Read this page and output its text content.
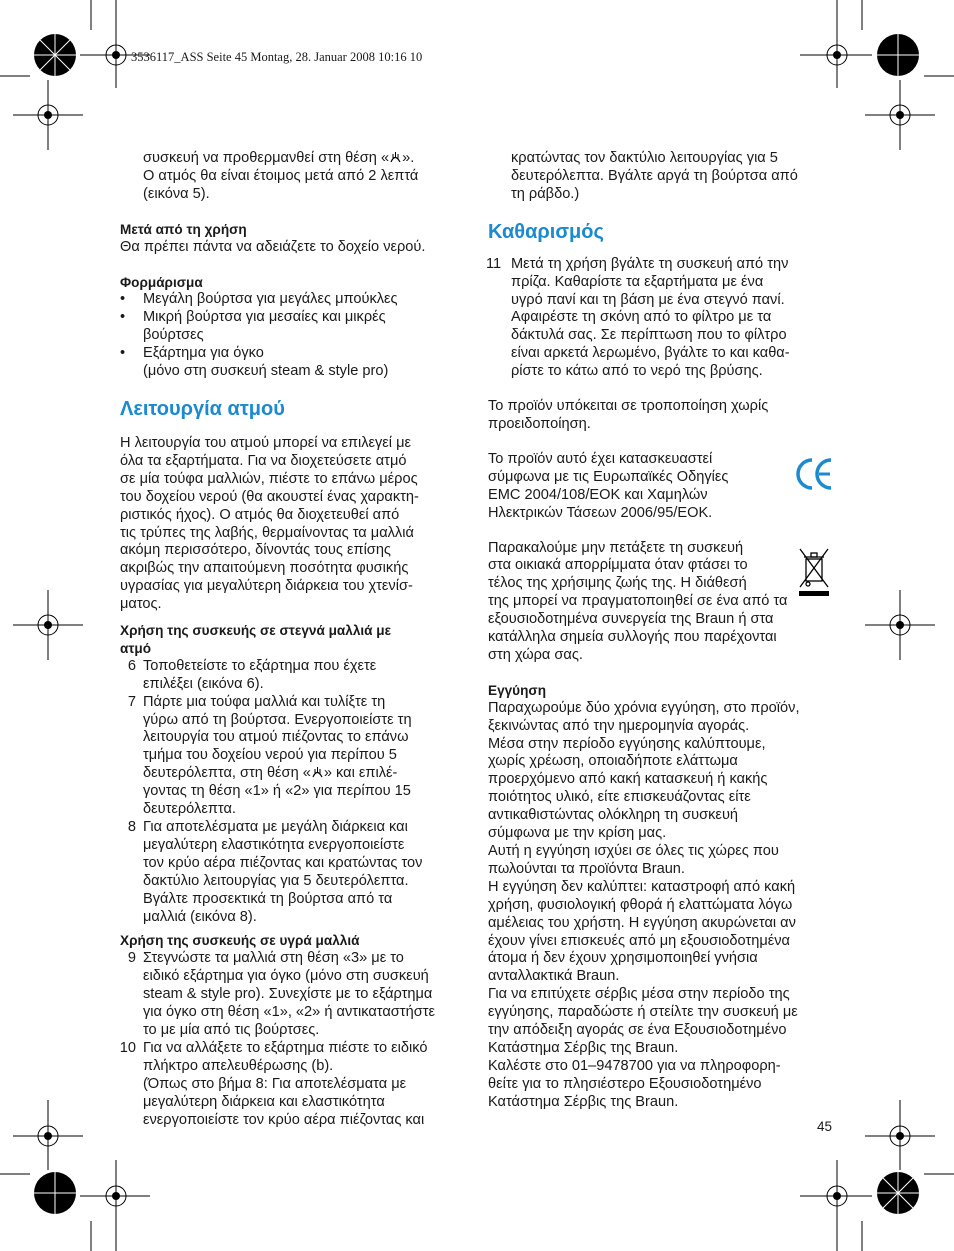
3536117_ASS Seite 45 Montag, 28. Januar 2008 10:16 10
συσκευή να προθερμανθεί στη θέση « ».
Ο ατμός θα είναι έτοιμος μετά από 2 λεπτά
(εικόνα 5).

Μετά από τη χρήση

Θα πρέπει πάντα να αδειάζετε το δοχείο νερού.

Φορμάρισμα

•	Μεγάλη βούρτσα για μεγάλες μπούκλες
•	Μικρή βούρτσα για μεσαίες και μικρές
βούρτσες
•	Εξάρτημα για όγκο
(μόνο στη συσκευή steam & style pro)
Λειτουργία ατμού
Η λειτουργία του ατμού μπορεί να επιλεγεί με
όλα τα εξαρτήματα. Για να διοχετεύσετε ατμό
σε μία τούφα μαλλιών, πιέστε το επάνω μέρος
του δοχείου νερού (θα ακουστεί ένας χαρακτη-
ριστικός ήχος). Ο ατμός θα διοχετευθεί από
τις τρύπες της λαβής, θερμαίνοντας τα μαλλιά
ακόμη περισσότερο, δίνοντάς τους επίσης
ακριβώς την απαιτούμενη ποσότητα φυσικής
υγρασίας για μεγαλύτερη διάρκεια του χτενίσ-
ματος.
Χρήση της συσκευής σε στεγνά μαλλιά με
ατμό
6 Τοποθετείστε το εξάρτημα που έχετε
επιλέξει (εικόνα 6).
7 Πάρτε μια τούφα μαλλιά και τυλίξτε τη
γύρω από τη βούρτσα. Ενεργοποιείστε τη
λειτουργία του ατμού πιέζοντας το επάνω
τμήμα του δοχείου νερού για περίπου 5
δευτερόλεπτα, στη θέση « » και επιλέ-
γοντας τη θέση «1» ή «2» για περίπου 15
δευτερόλεπτα.
8 Για αποτελέσματα με μεγάλη διάρκεια και
μεγαλύτερη ελαστικότητα ενεργοποιείστε
τον κρύο αέρα πιέζοντας και κρατώντας τον
δακτύλιο λειτουργίας για 5 δευτερόλεπτα.
Βγάλτε προσεκτικά τη βούρτσα από τα
μαλλιά (εικόνα 8).

Χρήση της συσκευής σε υγρά μαλλιά

9 Στεγνώστε τα μαλλιά στη θέση «3» με το
ειδικό εξάρτημα για όγκο (μόνο στη συσκευή
steam & style pro). Συνεχίστε με το εξάρτημα
για όγκο στη θέση «1», «2» ή αντικαταστήστε
το με μία από τις βούρτσες.
10 Για να αλλάξετε το εξάρτημα πιέστε το ειδικό
πλήκτρο απελευθέρωσης (b).
(Όπως στο βήμα 8: Για αποτελέσματα με
μεγαλύτερη διάρκεια και ελαστικότητα
ενεργοποιείστε τον κρύο αέρα πιέζοντας και
κρατώντας τον δακτύλιο λειτουργίας για 5
δευτερόλεπτα. Βγάλτε αργά τη βούρτσα από
τη ράβδο.)
Καθαρισμός
11 Μετά τη χρήση βγάλτε τη συσκευή από την
πρίζα. Καθαρίστε τα εξαρτήματα με ένα
υγρό πανί και τη βάση με ένα στεγνό πανί.
Αφαιρέστε τη σκόνη από το φίλτρο με τα
δάκτυλά σας. Σε περίπτωση που το φίλτρο
είναι αρκετά λερωμένο, βγάλτε το και καθα-
ρίστε το κάτω από το νερό της βρύσης.
Το προϊόν υπόκειται σε τροποποίηση χωρίς
προειδοποίηση.
Το προϊόν αυτό έχει κατασκευαστεί
σύμφωνα με τις Ευρωπαϊκές Οδηγίες
EMC 2004/108/ΕΟΚ και Χαμηλών
Ηλεκτρικών Τάσεων 2006/95/ΕΟΚ.
Παρακαλούμε μην πετάξετε τη συσκευή
στα οικιακά απορρίμματα όταν φτάσει το
τέλος της χρήσιμης ζωής της. Η διάθεσή
της μπορεί να πραγματοποιηθεί σε ένα από τα
εξουσιοδοτημένα συνεργεία της Braun ή στα
κατάλληλα σημεία συλλογής που παρέχονται
στη χώρα σας.

Εγγύηση

Παραχωρούμε δύο χρόνια εγγύηση, στο προϊόν,
ξεκινώντας από την ημερομηνία αγοράς.
Μέσα στην περίοδο εγγύησης καλύπτουμε,
χωρίς χρέωση, οποιαδήποτε ελάττωμα
προερχόμενο από κακή κατασκευή ή κακής
ποιότητος υλικό, είτε επισκευάζοντας είτε
αντικαθιστώντας ολόκληρη τη συσκευή
σύμφωνα με την κρίση μας.
Αυτή η εγγύηση ισχύει σε όλες τις χώρες που
πωλούνται τα προϊόντα Braun.
Η εγγύηση δεν καλύπτει: καταστροφή από κακή
χρήση, φυσιολογική φθορά ή ελαττώματα λόγω
αμέλειας του χρήστη. Η εγγύηση ακυρώνεται αν
έχουν γίνει επισκευές από μη εξουσιοδοτημένα
άτομα ή δεν έχουν χρησιμοποιηθεί γνήσια
ανταλλακτικά Braun.
Για να επιτύχετε σέρβις μέσα στην περίοδο της
εγγύησης, παραδώστε ή στείλτε την συσκευή με
την απόδειξη αγοράς σε ένα Εξουσιοδοτημένο
Κατάστημα Σέρβις της Braun.
Καλέστε στο 01–9478700 για να πληροφορη-
θείτε για το πλησιέστερο Εξουσιοδοτημένο
Κατάστημα Σέρβις της Braun.
45
